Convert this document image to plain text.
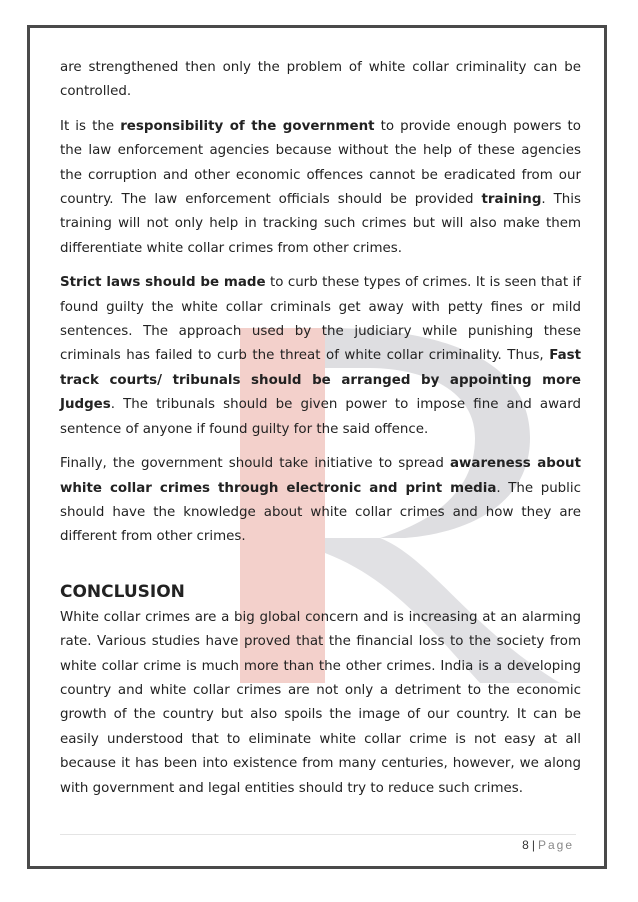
are strengthened then only the problem of white collar criminality can be controlled.

It is the responsibility of the government to provide enough powers to the law enforcement agencies because without the help of these agencies the corruption and other economic offences cannot be eradicated from our country. The law enforcement officials should be provided training. This training will not only help in tracking such crimes but will also make them differentiate white collar crimes from other crimes.

Strict laws should be made to curb these types of crimes. It is seen that if found guilty the white collar criminals get away with petty fines or mild sentences. The approach used by the judiciary while punishing these criminals has failed to curb the threat of white collar criminality. Thus, Fast track courts/ tribunals should be arranged by appointing more Judges. The tribunals should be given power to impose fine and award sentence of anyone if found guilty for the said offence.

Finally, the government should take initiative to spread awareness about white collar crimes through electronic and print media. The public should have the knowledge about white collar crimes and how they are different from other crimes.

CONCLUSION

White collar crimes are a big global concern and is increasing at an alarming rate. Various studies have proved that the financial loss to the society from white collar crime is much more than the other crimes. India is a developing country and white collar crimes are not only a detriment to the economic growth of the country but also spoils the image of our country. It can be easily understood that to eliminate white collar crime is not easy at all because it has been into existence from many centuries, however, we along with government and legal entities should try to reduce such crimes.

8 | Page
